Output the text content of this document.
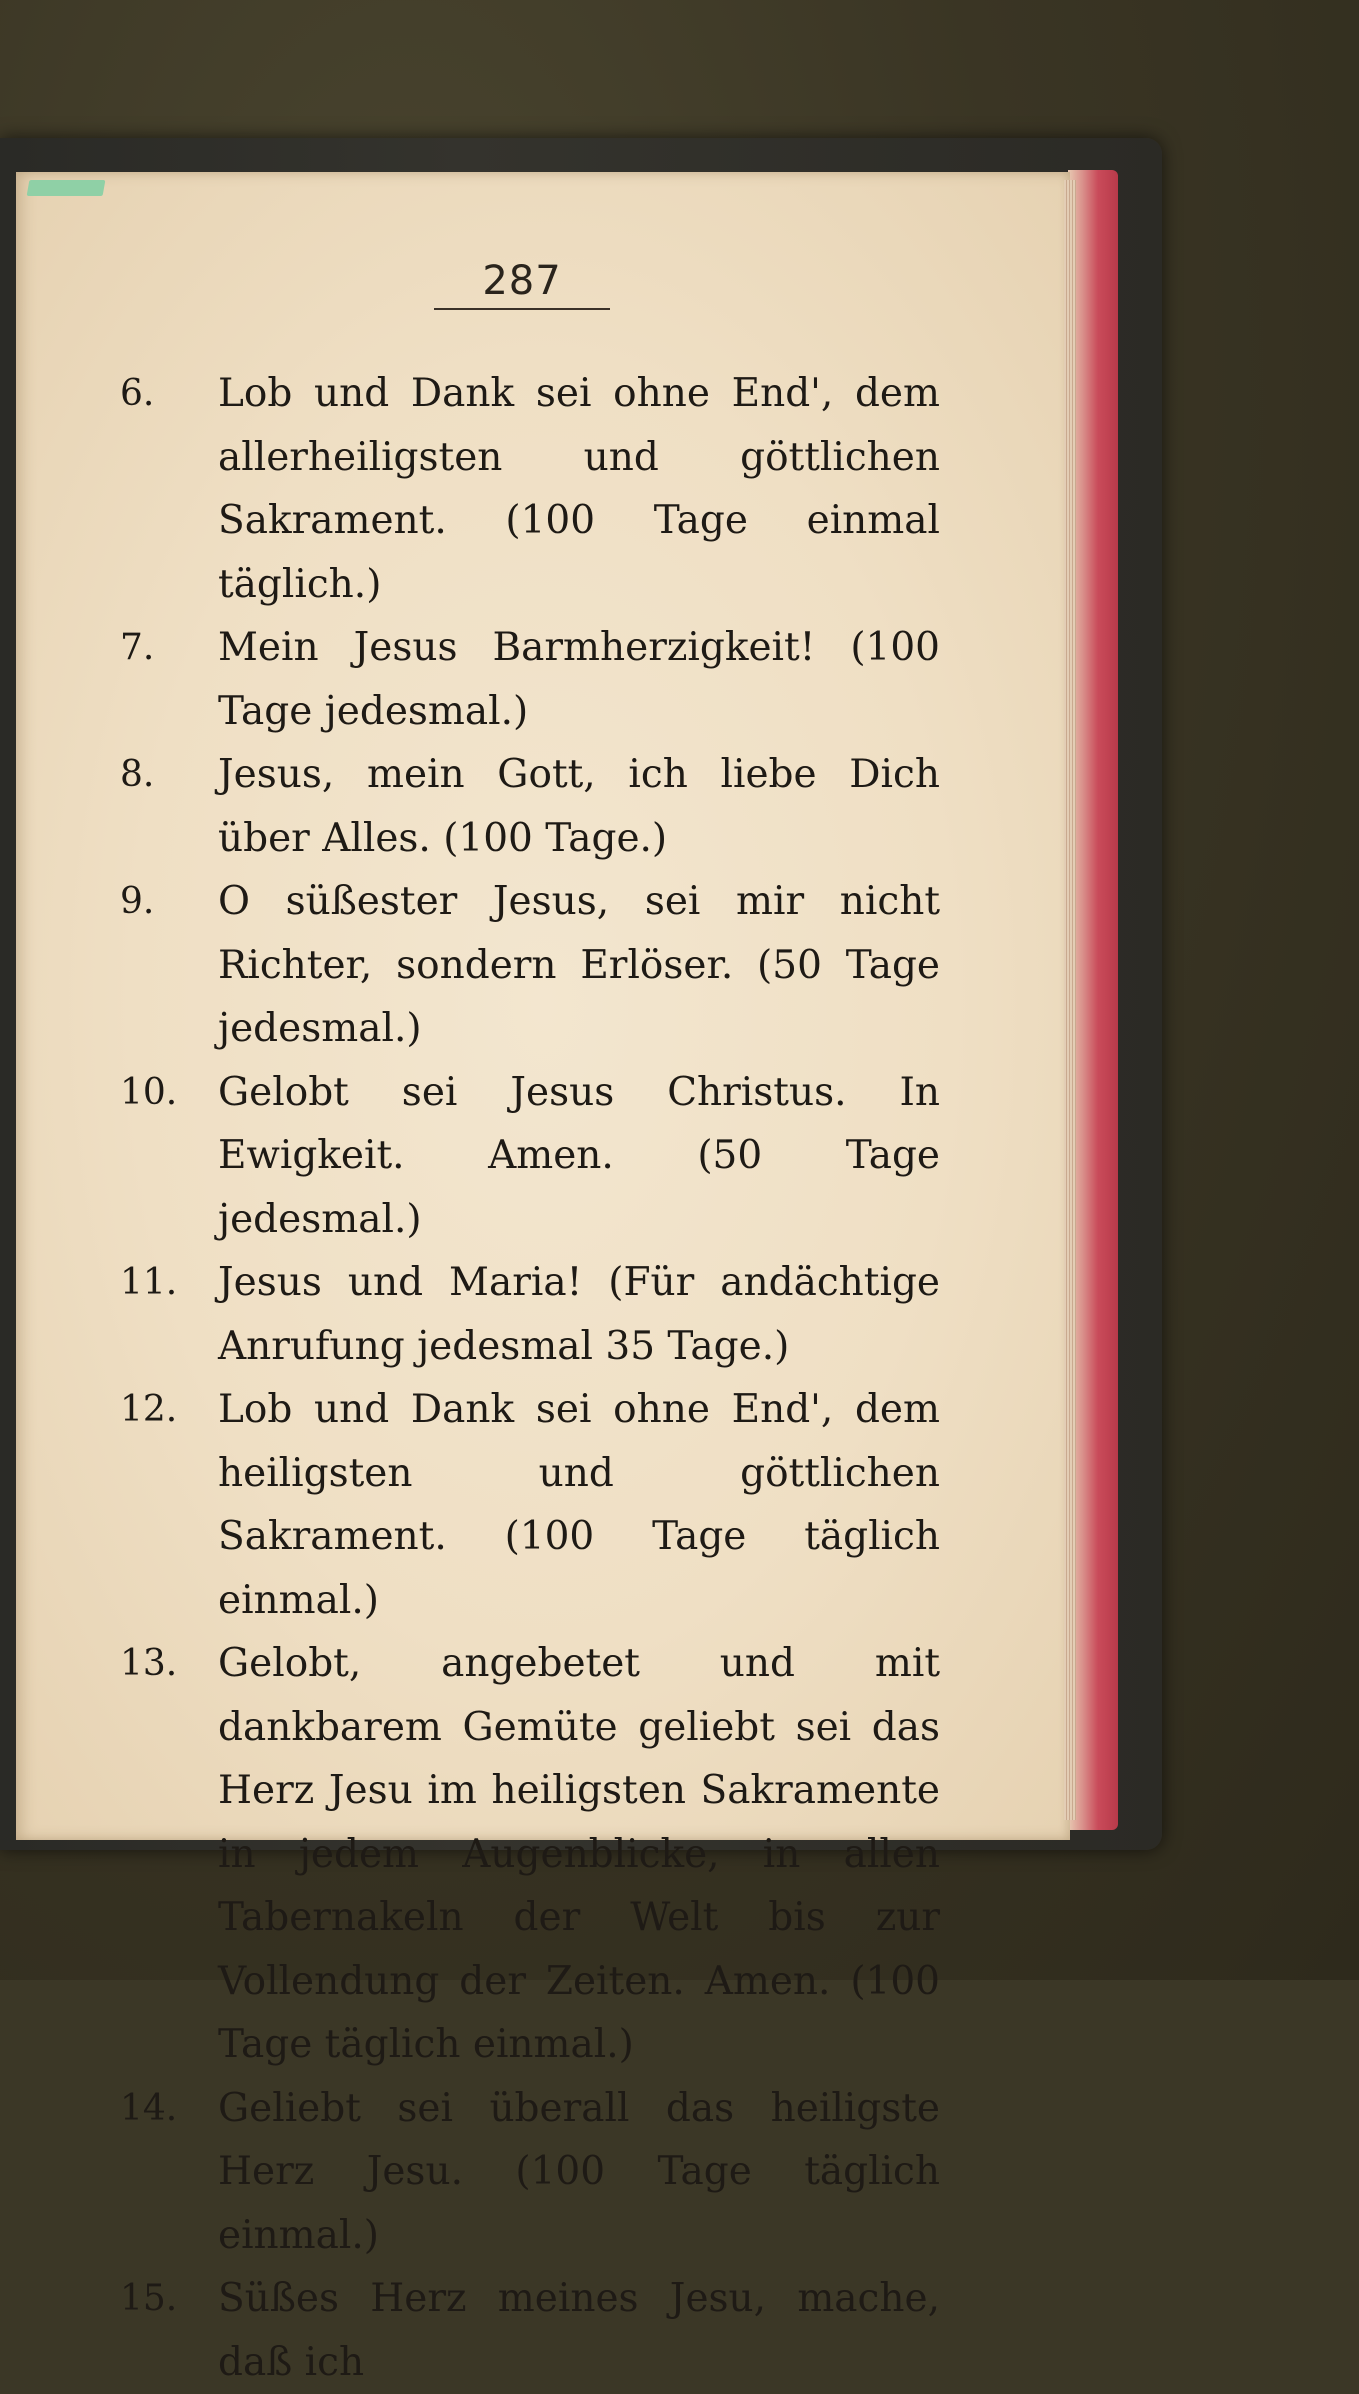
287
6.	Lob und Dank sei ohne End', dem allerheiligsten und göttlichen Sakrament. (100 Tage einmal täglich.)
7.	Mein Jesus Barmherzigkeit! (100 Tage jedesmal.)
8.	Jesus, mein Gott, ich liebe Dich über Alles. (100 Tage.)
9.	O süßester Jesus, sei mir nicht Richter, sondern Erlöser. (50 Tage jedesmal.)
10.	Gelobt sei Jesus Christus. In Ewigkeit. Amen. (50 Tage jedesmal.)
11.	Jesus und Maria! (Für andächtige Anrufung jedesmal 35 Tage.)
12.	Lob und Dank sei ohne End', dem heiligsten und göttlichen Sakrament. (100 Tage täglich einmal.)
13.	Gelobt, angebetet und mit dankbarem Gemüte geliebt sei das Herz Jesu im heiligsten Sakramente in jedem Augenblicke, in allen Tabernakeln der Welt bis zur Vollendung der Zeiten. Amen. (100 Tage täglich einmal.)
14.	Geliebt sei überall das heiligste Herz Jesu. (100 Tage täglich einmal.)
15.	Süßes Herz meines Jesu, mache, daß ich
